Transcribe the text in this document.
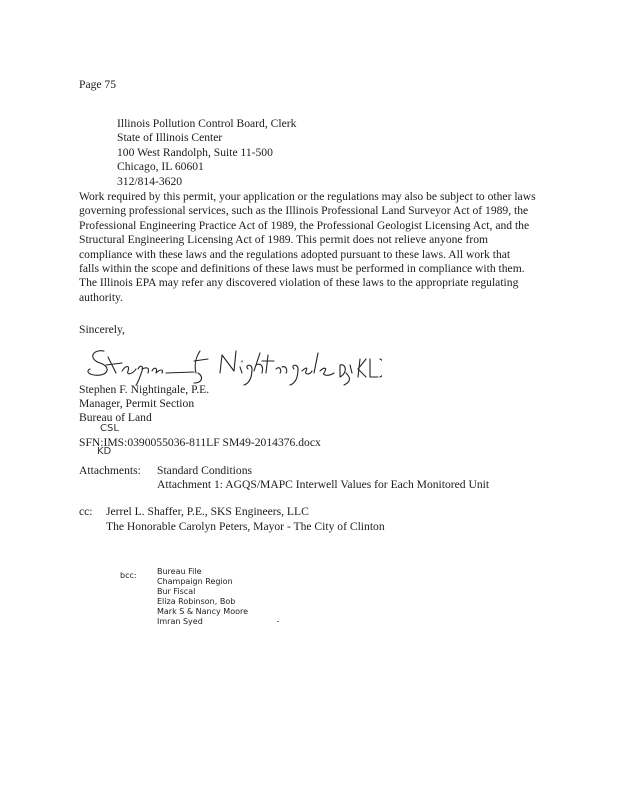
Page 75
Illinois Pollution Control Board, Clerk
State of Illinois Center
100 West Randolph, Suite 11-500
Chicago, IL 60601
312/814-3620
Work required by this permit, your application or the regulations may also be subject to other laws
governing professional services, such as the Illinois Professional Land Surveyor Act of 1989, the
Professional Engineering Practice Act of 1989, the Professional Geologist Licensing Act, and the
Structural Engineering Licensing Act of 1989. This permit does not relieve anyone from
compliance with these laws and the regulations adopted pursuant to these laws. All work that
falls within the scope and definitions of these laws must be performed in compliance with them.
The Illinois EPA may refer any discovered violation of these laws to the appropriate regulating
authority.
Sincerely,
Stephen F. Nightingale, P.E.
Manager, Permit Section
Bureau of Land
CSL
KD
SFN:IMS:0390055036-811LF SM49-2014376.docx
Attachments: Standard Conditions
Attachment 1: AGQS/MAPC Interwell Values for Each Monitored Unit
cc: Jerrel L. Shaffer, P.E., SKS Engineers, LLC
The Honorable Carolyn Peters, Mayor - The City of Clinton
bcc:	Bureau File
Champaign Region
Bur Fiscal
Eliza Robinson, Bob
Mark S & Nancy Moore
Imran Syed
